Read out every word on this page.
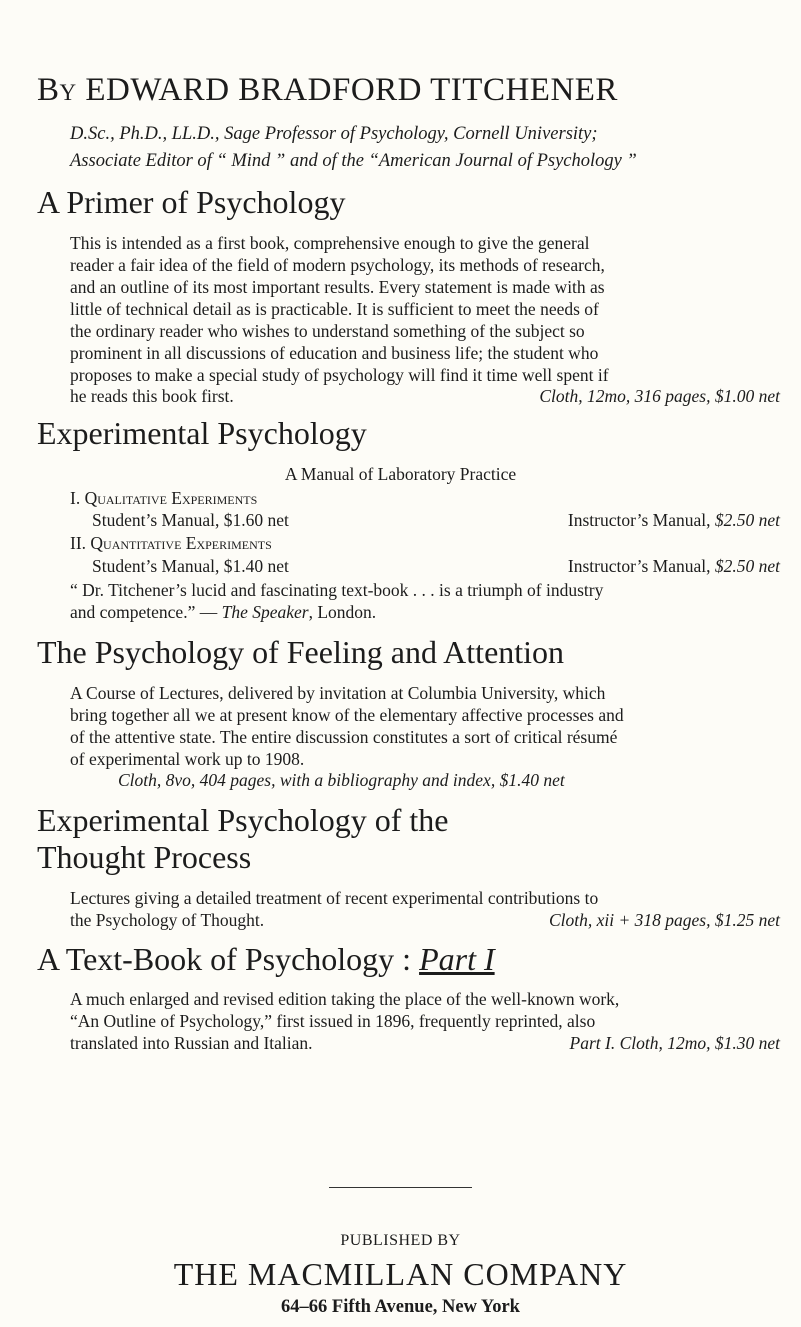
By EDWARD BRADFORD TITCHENER
D.Sc., Ph.D., LL.D., Sage Professor of Psychology, Cornell University;
Associate Editor of “ Mind ” and of the “American Journal of Psychology ”
A Primer of Psychology
This is intended as a first book, comprehensive enough to give the general
reader a fair idea of the field of modern psychology, its methods of research,
and an outline of its most important results. Every statement is made with as
little of technical detail as is practicable. It is sufficient to meet the needs of
the ordinary reader who wishes to understand something of the subject so
prominent in all discussions of education and business life; the student who
proposes to make a special study of psychology will find it time well spent if
he reads this book first.	Cloth, 12mo, 316 pages, $1.00 net
Experimental Psychology
A Manual of Laboratory Practice
I. Qualitative Experiments
Student’s Manual, $1.60 net	Instructor’s Manual, $2.50 net
II. Quantitative Experiments
Student’s Manual, $1.40 net	Instructor’s Manual, $2.50 net
“ Dr. Titchener’s lucid and fascinating text-book . . . is a triumph of industry
and competence.” — The Speaker, London.
The Psychology of Feeling and Attention
A Course of Lectures, delivered by invitation at Columbia University, which
bring together all we at present know of the elementary affective processes and
of the attentive state. The entire discussion constitutes a sort of critical résumé
of experimental work up to 1908.
Cloth, 8vo, 404 pages, with a bibliography and index, $1.40 net
Experimental Psychology of the
Thought Process
Lectures giving a detailed treatment of recent experimental contributions to
the Psychology of Thought.	Cloth, xii + 318 pages, $1.25 net
A Text-Book of Psychology : Part I
A much enlarged and revised edition taking the place of the well-known work,
“An Outline of Psychology,” first issued in 1896, frequently reprinted, also
translated into Russian and Italian.	Part I. Cloth, 12mo, $1.30 net
PUBLISHED BY
THE MACMILLAN COMPANY
64–66 Fifth Avenue, New York
